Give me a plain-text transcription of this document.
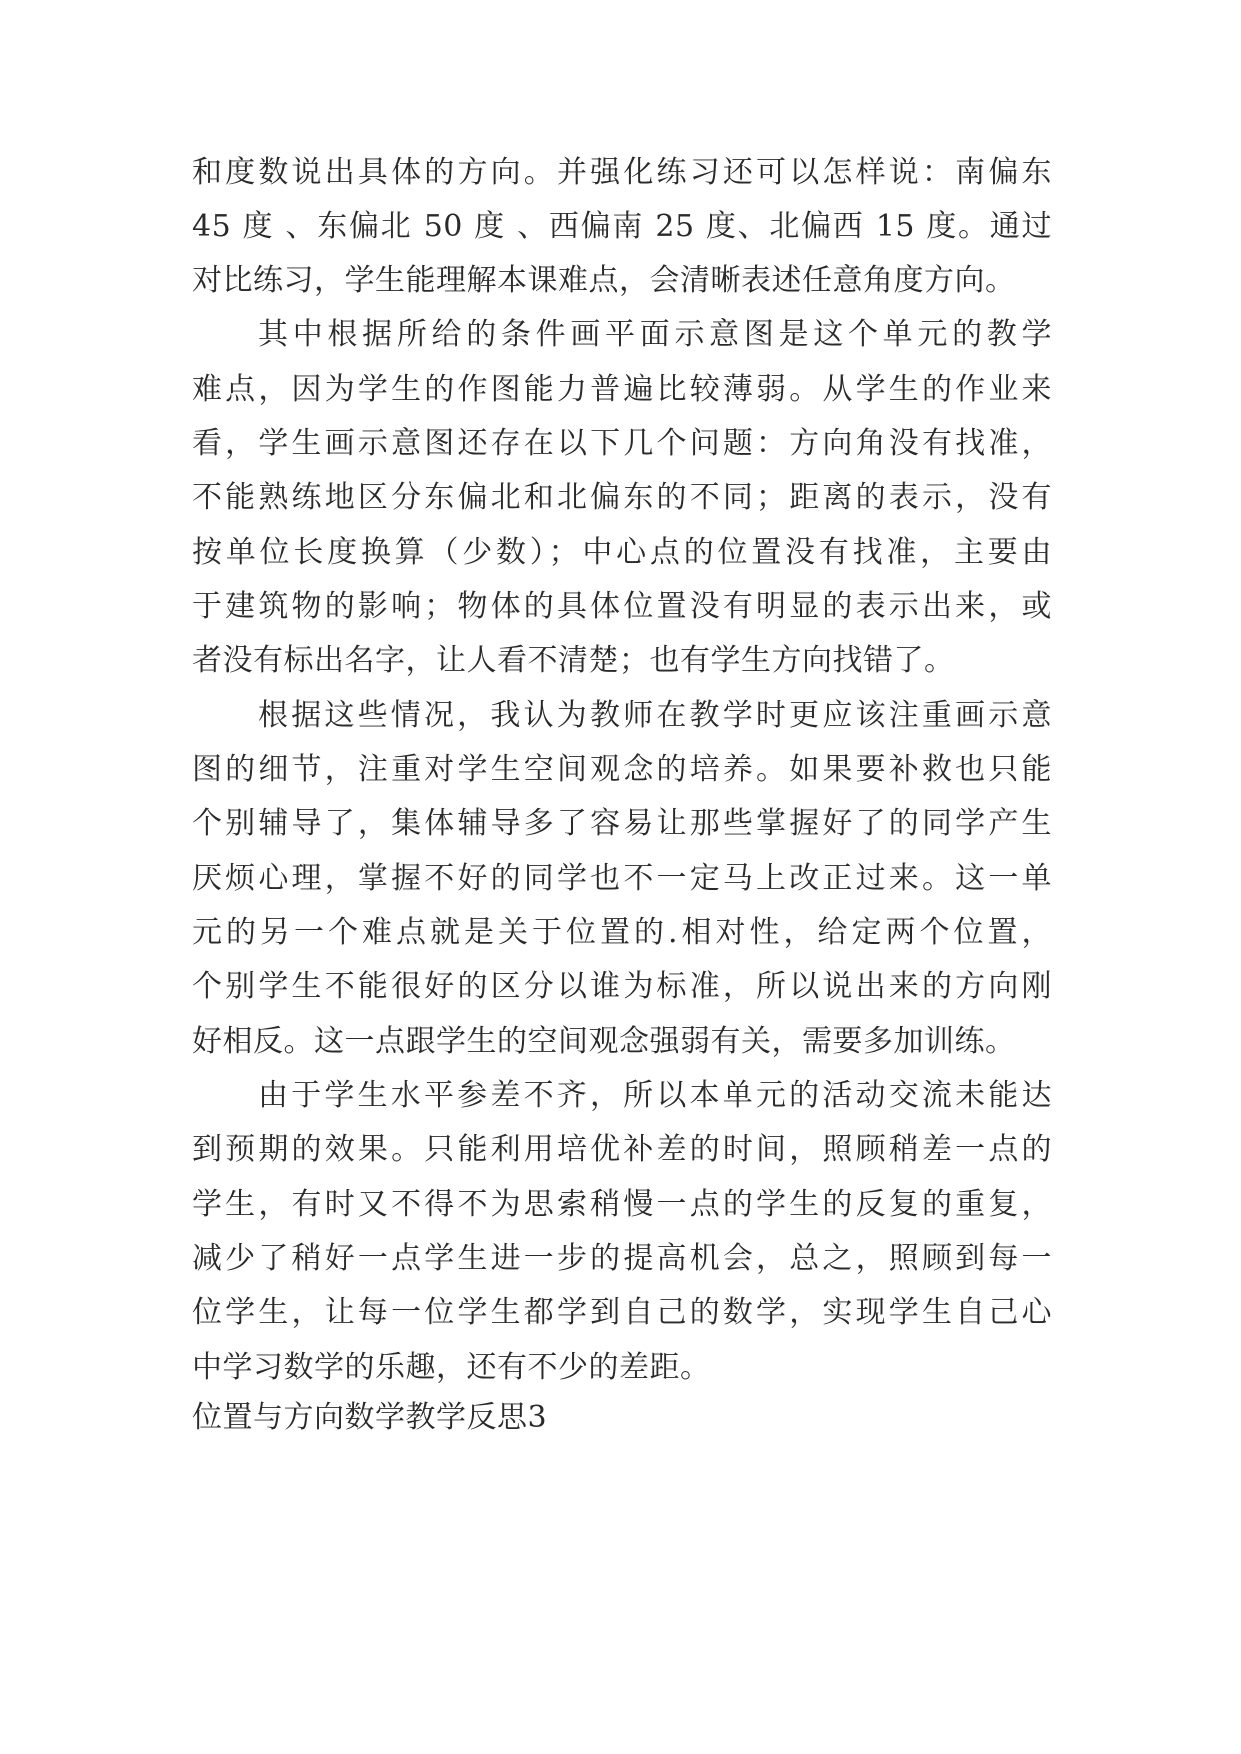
和度数说出具体的方向。并强化练习还可以怎样说：南偏东
45 度 、东偏北 50 度 、西偏南 25 度、北偏西 15 度。通过
对比练习，学生能理解本课难点，会清晰表述任意角度方向。
其中根据所给的条件画平面示意图是这个单元的教学
难点，因为学生的作图能力普遍比较薄弱。从学生的作业来
看，学生画示意图还存在以下几个问题：方向角没有找准，
不能熟练地区分东偏北和北偏东的不同；距离的表示，没有
按单位长度换算（少数）；中心点的位置没有找准，主要由
于建筑物的影响；物体的具体位置没有明显的表示出来，或
者没有标出名字，让人看不清楚；也有学生方向找错了。
根据这些情况，我认为教师在教学时更应该注重画示意
图的细节，注重对学生空间观念的培养。如果要补救也只能
个别辅导了，集体辅导多了容易让那些掌握好了的同学产生
厌烦心理，掌握不好的同学也不一定马上改正过来。这一单
元的另一个难点就是关于位置的.相对性，给定两个位置，
个别学生不能很好的区分以谁为标准，所以说出来的方向刚
好相反。这一点跟学生的空间观念强弱有关，需要多加训练。
由于学生水平参差不齐，所以本单元的活动交流未能达
到预期的效果。只能利用培优补差的时间，照顾稍差一点的
学生，有时又不得不为思索稍慢一点的学生的反复的重复，
减少了稍好一点学生进一步的提高机会，总之，照顾到每一
位学生，让每一位学生都学到自己的数学，实现学生自己心
中学习数学的乐趣，还有不少的差距。
位置与方向数学教学反思3
